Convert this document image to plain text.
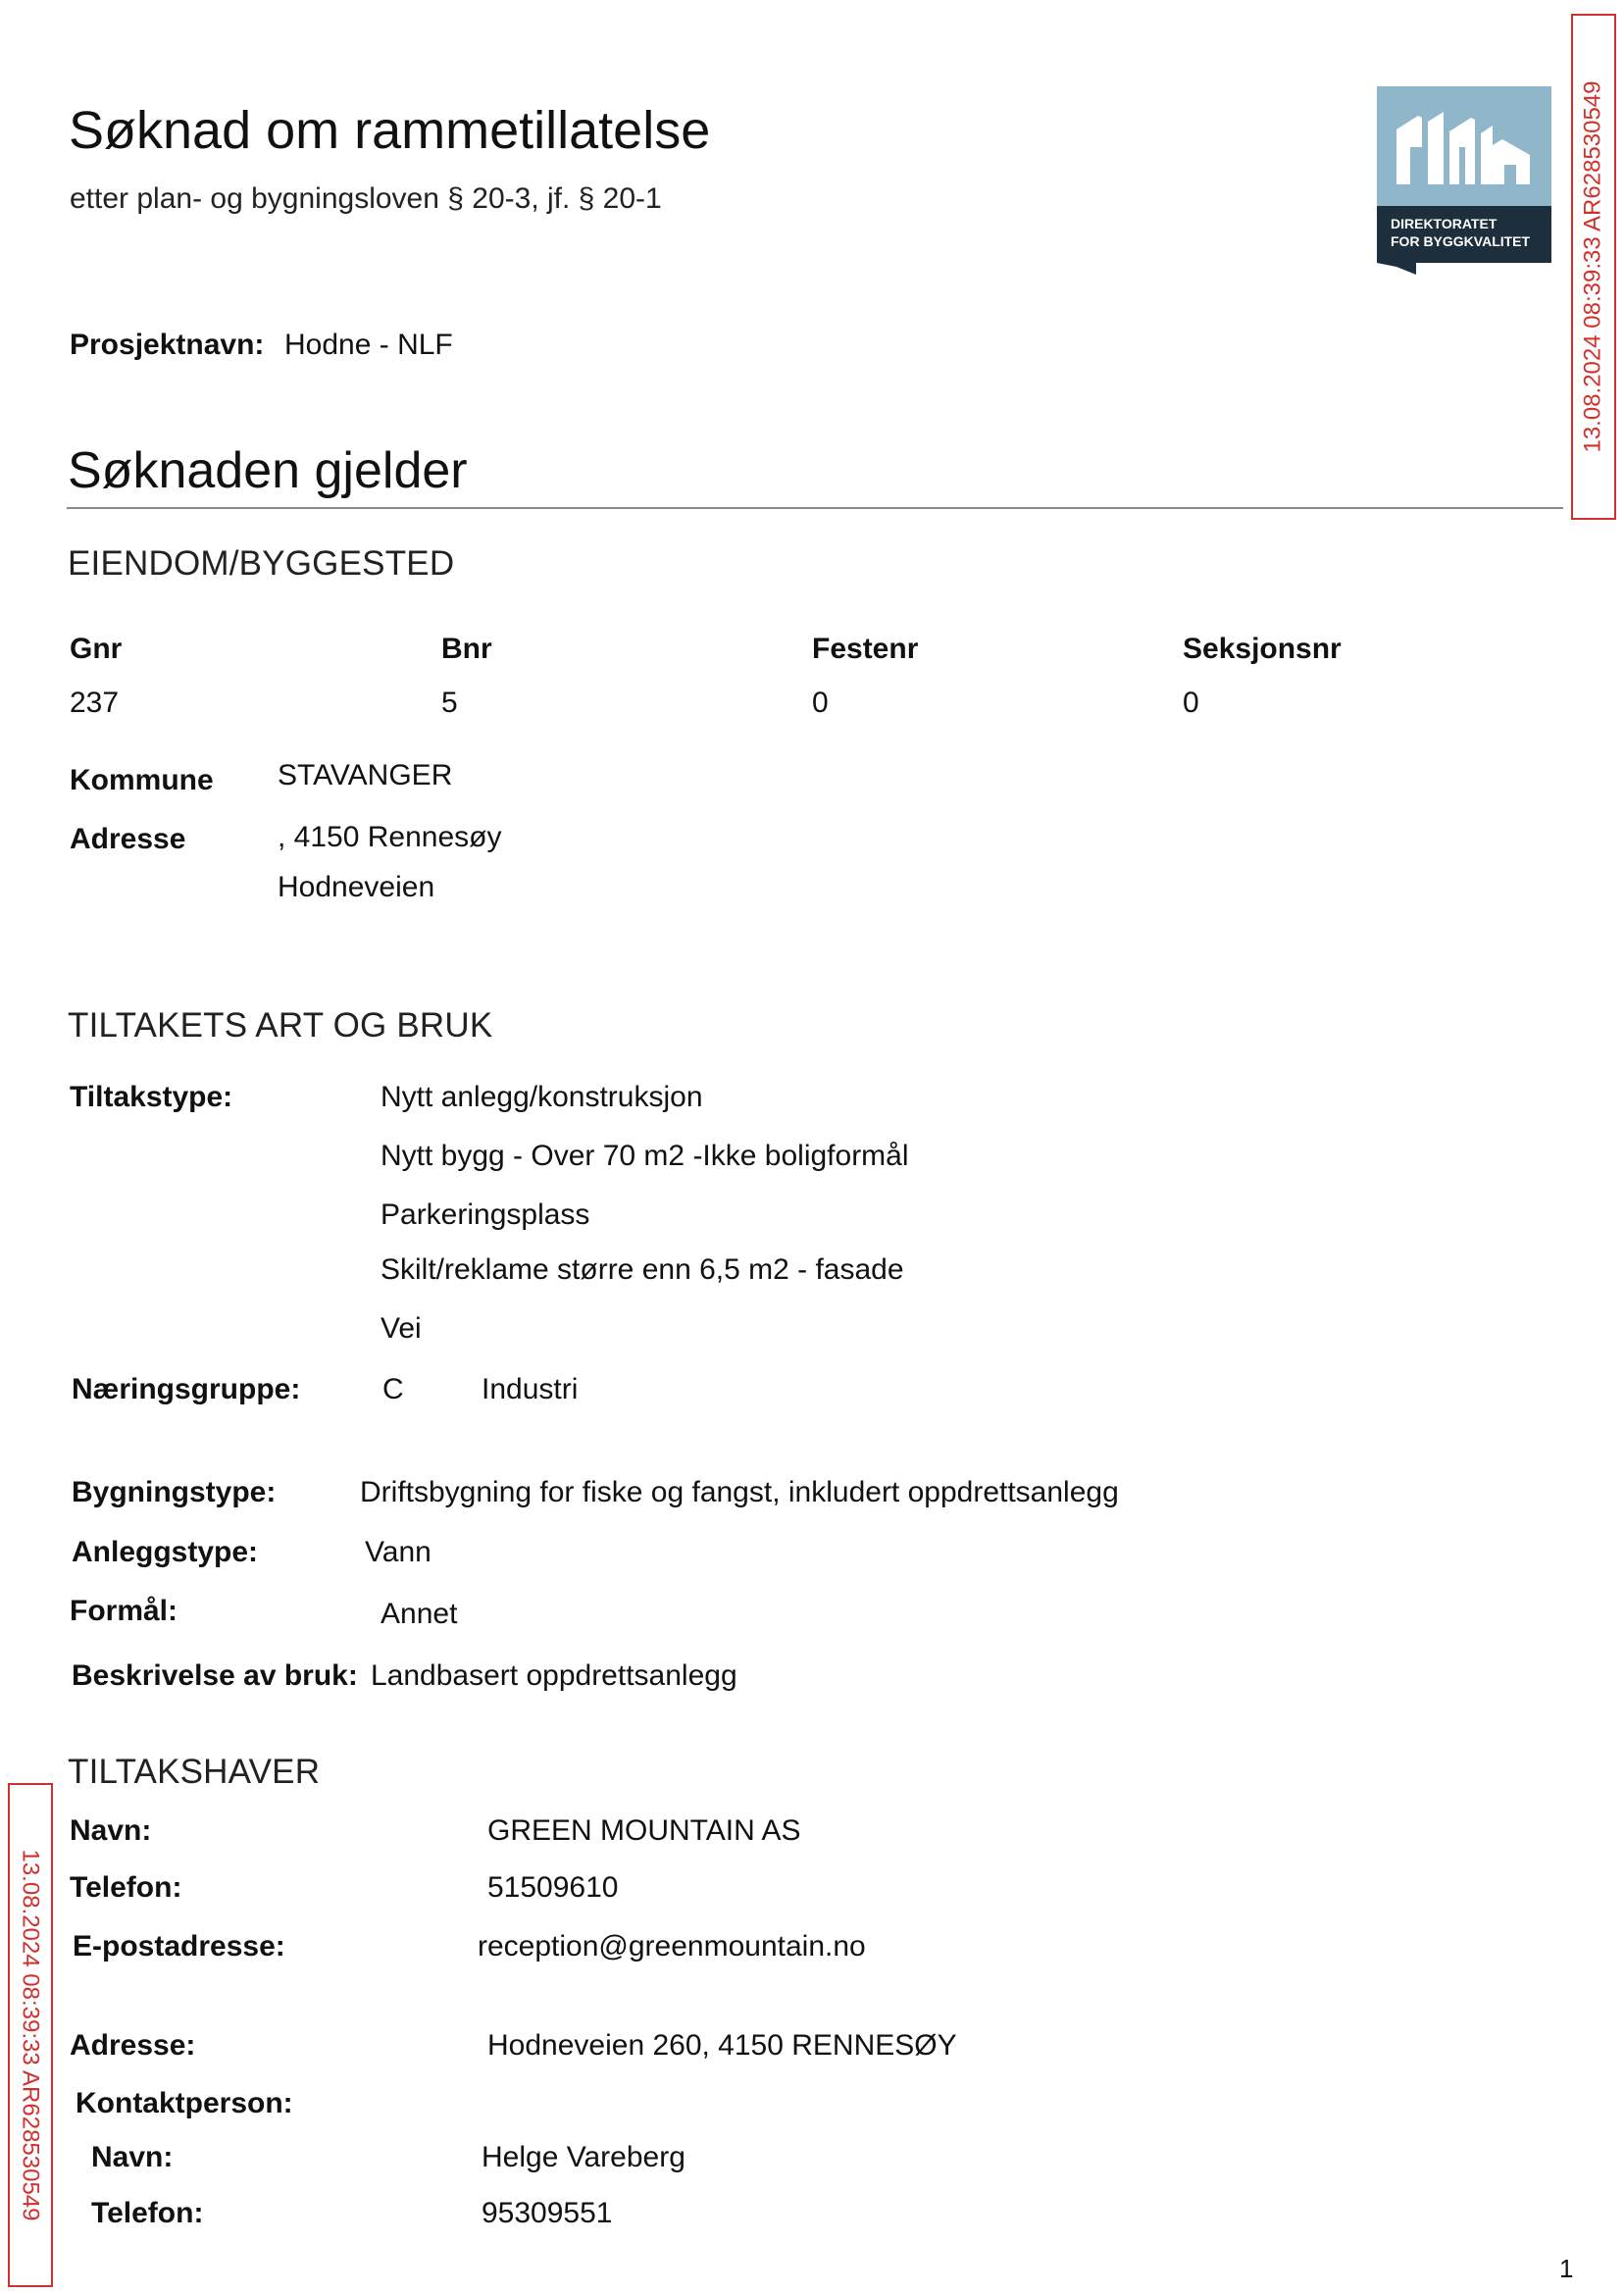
Søknad om rammetillatelse
etter plan- og bygningsloven § 20-3, jf. § 20-1
DIREKTORATET
FOR BYGGKVALITET 13.08.2024 08:39:33 AR628530549
Prosjektnavn: Hodne - NLF
Søknaden gjelder
EIENDOM/BYGGESTED
Gnr	Bnr	Festenr	Seksjonsnr
237	5	0	0
Kommune STAVANGER
Adresse	, 4150 Rennesøy
Hodneveien
TILTAKETS ART OG BRUK
Tiltakstype:	Nytt anlegg/konstruksjon
Nytt bygg - Over 70 m2 -Ikke boligformål
Parkeringsplass
Skilt/reklame større enn 6,5 m2 - fasade
Vei
Næringsgruppe:	C	Industri
Bygningstype:	Driftsbygning for fiske og fangst, inkludert oppdrettsanlegg
Anleggstype:	Vann
Formål:	Annet
Beskrivelse av bruk: Landbasert oppdrettsanlegg
TILTAKSHAVER
Navn:	GREEN MOUNTAIN AS
Telefon:	51509610
E-postadresse:	reception@greenmountain.no
Adresse:	Hodneveien 260, 4150 RENNESØY
Kontaktperson:
Navn:	Helge Vareberg
Telefon:	95309551
13.08.2024 08:39:33 AR628530549
1
